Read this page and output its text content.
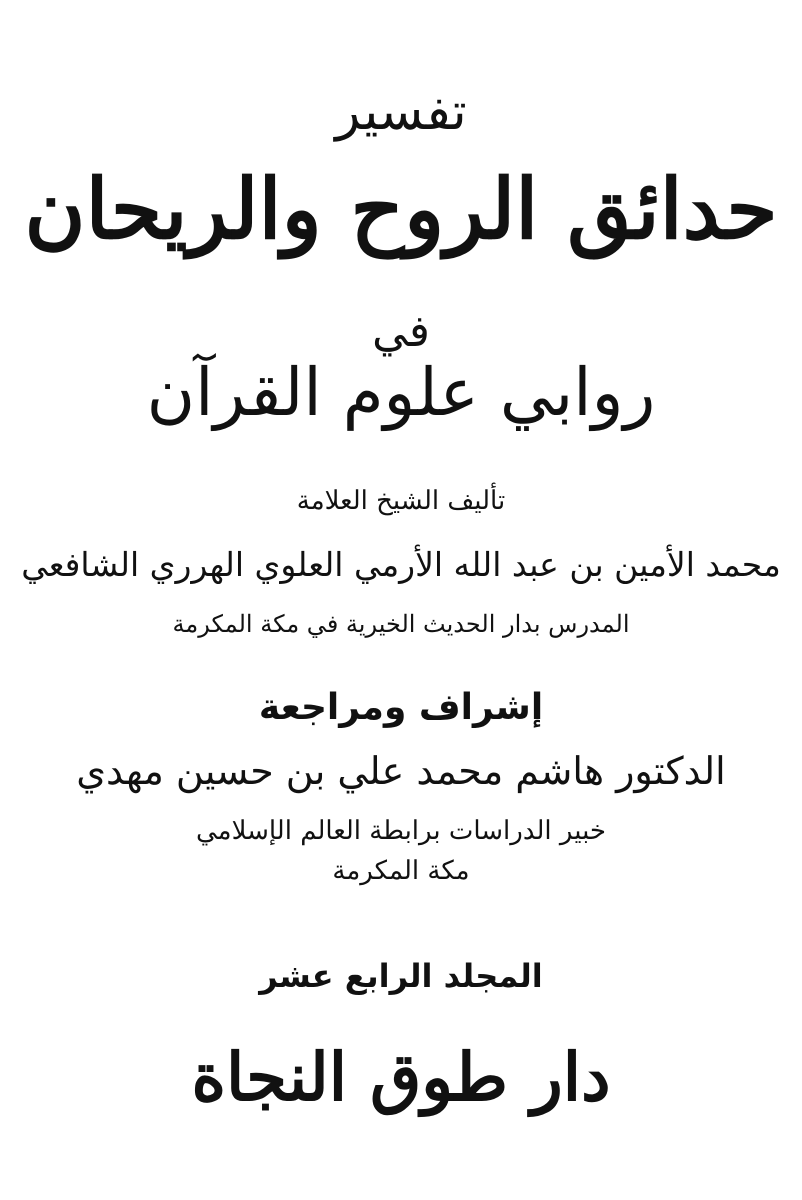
تفسير
حدائق الروح والريحان
في
روابي علوم القرآن
تأليف الشيخ العلامة
محمد الأمين بن عبد الله الأرمي العلوي الهرري الشافعي
المدرس بدار الحديث الخيرية في مكة المكرمة
إشراف ومراجعة
الدكتور هاشم محمد علي بن حسين مهدي
خبير الدراسات برابطة العالم الإسلامي
مكة المكرمة
المجلد الرابع عشر
دار طوق النجاة
